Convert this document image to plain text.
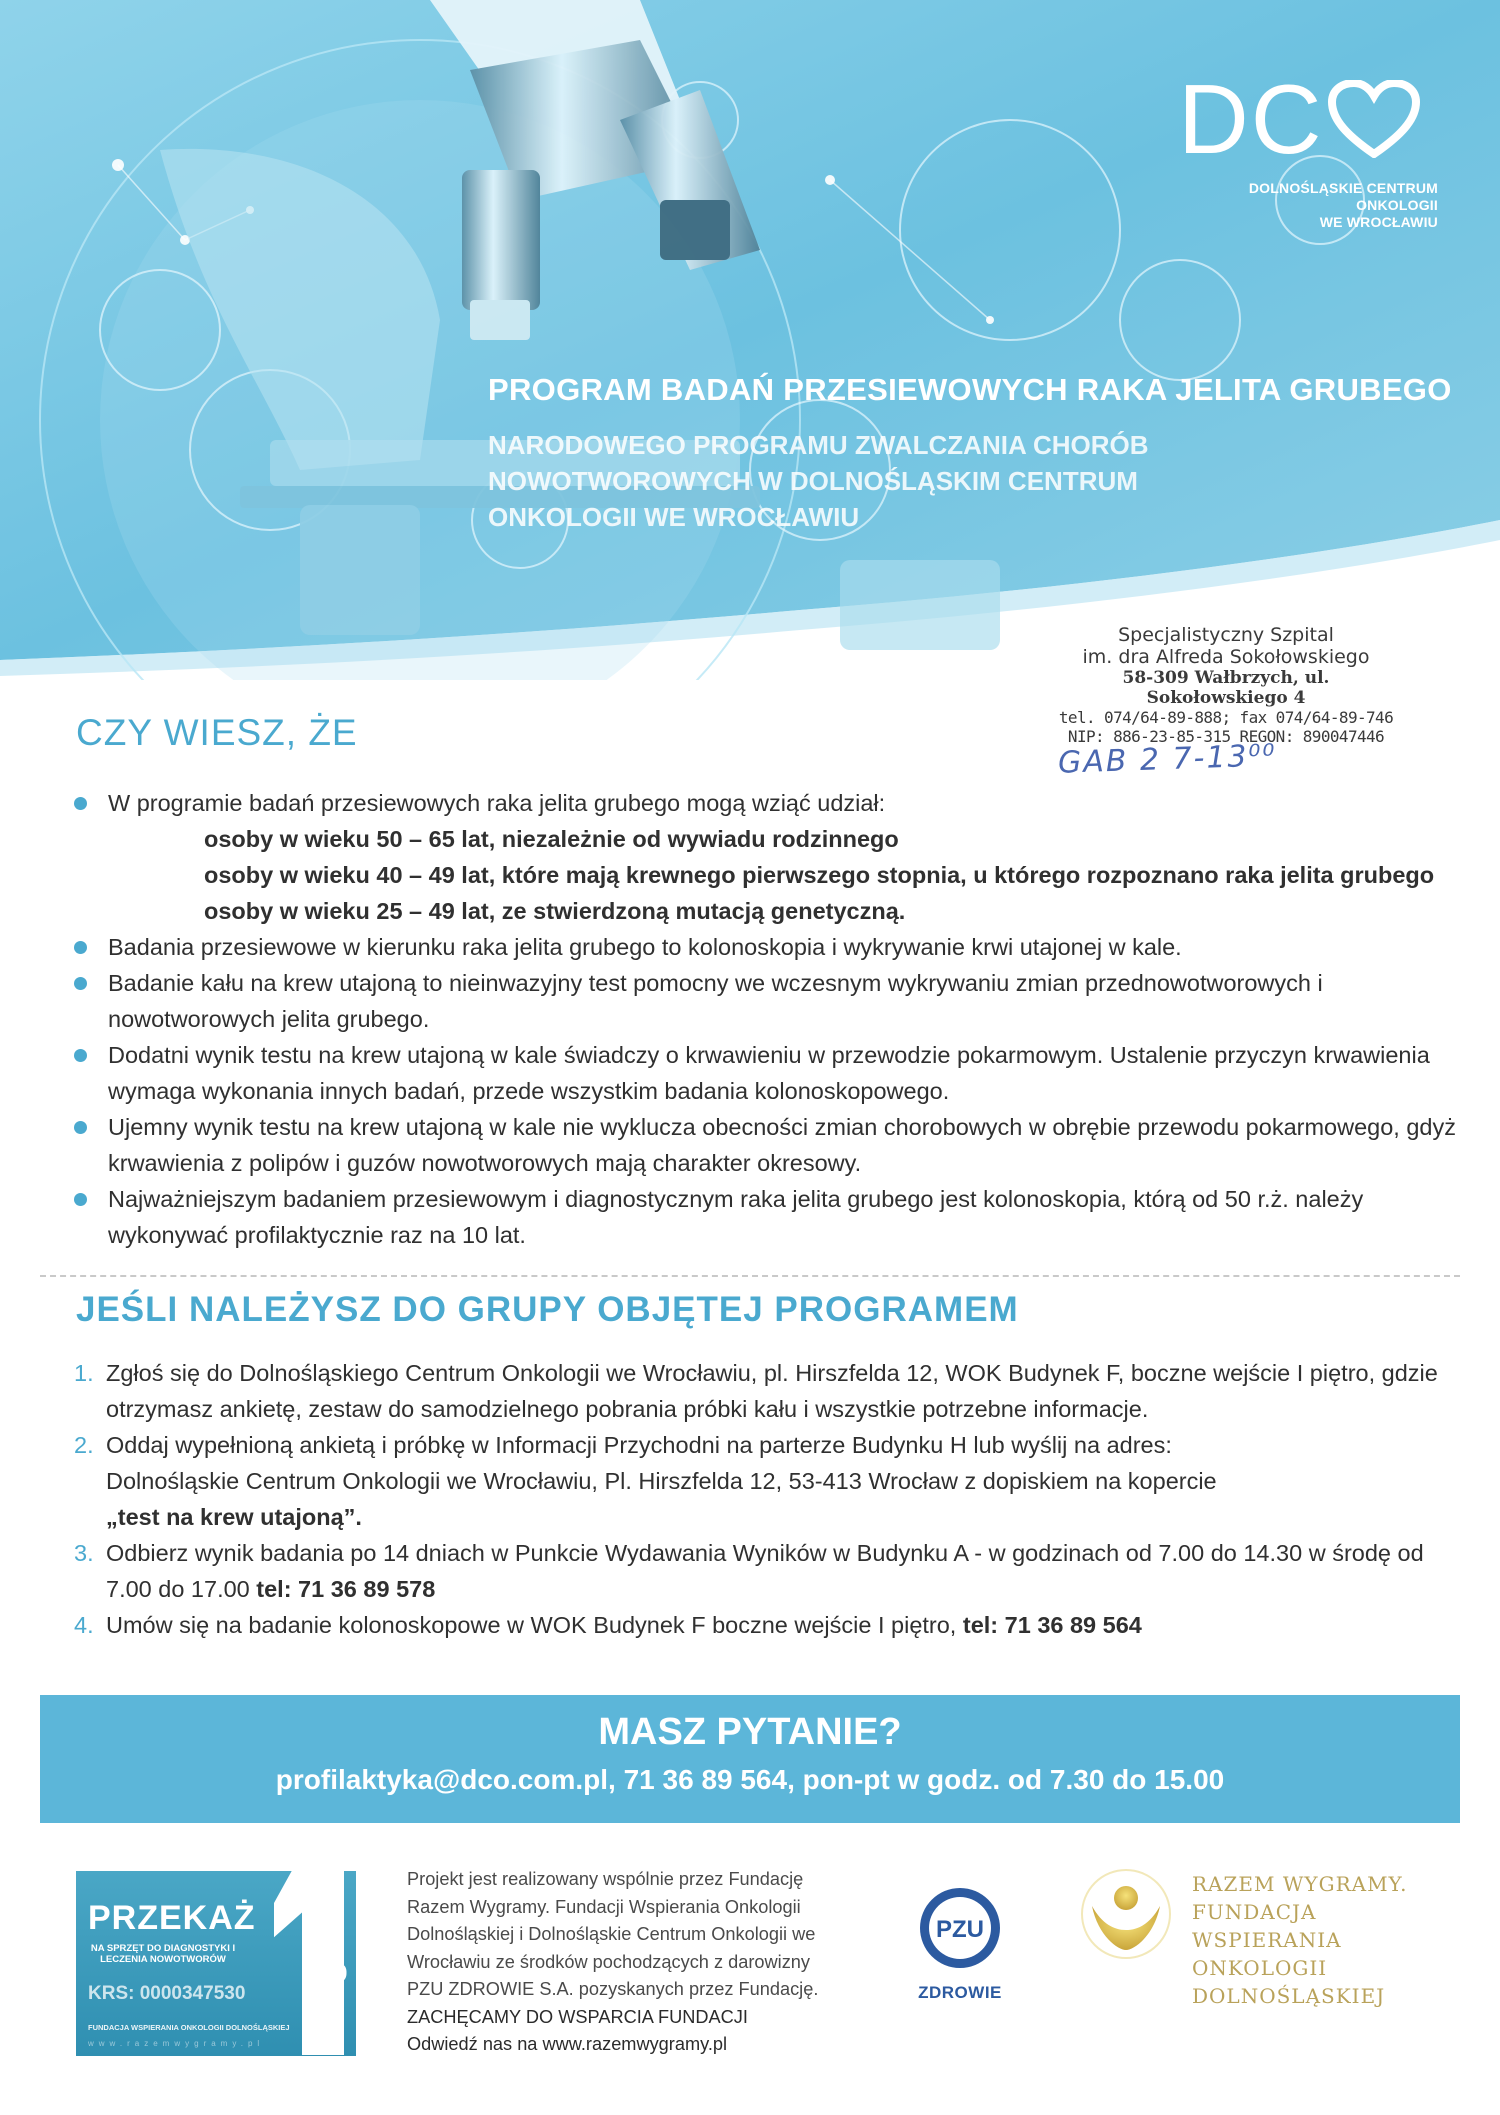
DC
DOLNOŚLĄSKIE CENTRUM ONKOLOGII
WE WROCŁAWIU
PROGRAM BADAŃ PRZESIEWOWYCH RAKA JELITA GRUBEGO
NARODOWEGO PROGRAMU ZWALCZANIA CHORÓB NOWOTWOROWYCH W DOLNOŚLĄSKIM CENTRUM ONKOLOGII WE WROCŁAWIU
Specjalistyczny Szpital
im. dra Alfreda Sokołowskiego
58-309 Wałbrzych, ul. Sokołowskiego 4
tel. 074/64-89-888; fax 074/64-89-746
NIP: 886-23-85-315 REGON: 890047446
GAB 2 7-13⁰⁰
CZY WIESZ, ŻE
W programie badań przesiewowych raka jelita grubego mogą wziąć udział:
osoby w wieku 50 – 65 lat, niezależnie od wywiadu rodzinnego
osoby w wieku 40 – 49 lat, które mają krewnego pierwszego stopnia, u którego rozpoznano raka jelita grubego
osoby w wieku 25 – 49 lat, ze stwierdzoną mutacją genetyczną.
Badania przesiewowe w kierunku raka jelita grubego to kolonoskopia i wykrywanie krwi utajonej w kale.
Badanie kału na krew utajoną to nieinwazyjny test pomocny we wczesnym wykrywaniu zmian przednowotworowych i nowotworowych jelita grubego.
Dodatni wynik testu na krew utajoną w kale świadczy o krwawieniu w przewodzie pokarmowym. Ustalenie przyczyn krwawienia wymaga wykonania innych badań, przede wszystkim badania kolonoskopowego.
Ujemny wynik testu na krew utajoną w kale nie wyklucza obecności zmian chorobowych w obrębie przewodu pokarmowego, gdyż krwawienia z polipów i guzów nowotworowych mają charakter okresowy.
Najważniejszym badaniem przesiewowym i diagnostycznym raka jelita grubego jest kolonoskopia, którą od 50 r.ż. należy wykonywać profilaktycznie raz na 10 lat.
JEŚLI NALEŻYSZ DO GRUPY OBJĘTEJ PROGRAMEM
1. Zgłoś się do Dolnośląskiego Centrum Onkologii we Wrocławiu, pl. Hirszfelda 12, WOK Budynek F, boczne wejście I piętro, gdzie otrzymasz ankietę, zestaw do samodzielnego pobrania próbki kału i wszystkie potrzebne informacje.
2. Oddaj wypełnioną ankietą i próbkę w Informacji Przychodni na parterze Budynku H lub wyślij na adres:
Dolnośląskie Centrum Onkologii we Wrocławiu, Pl. Hirszfelda 12, 53-413 Wrocław z dopiskiem na kopercie
„test na krew utajoną”.
3. Odbierz wynik badania po 14 dniach w Punkcie Wydawania Wyników w Budynku A - w godzinach od 7.00 do 14.30 w środę od 7.00 do 17.00 tel: 71 36 89 578
4. Umów się na badanie kolonoskopowe w WOK Budynek F boczne wejście I piętro, tel: 71 36 89 564
MASZ PYTANIE?
profilaktyka@dco.com.pl, 71 36 89 564, pon-pt w godz. od 7.30 do 15.00
PRZEKAŻ
NA SPRZĘT DO DIAGNOSTYKI I LECZENIA NOWOTWORÓW
KRS: 0000347530
FUNDACJA WSPIERANIA ONKOLOGII DOLNOŚLĄSKIEJ
www.razemwygramy.pl
%
Projekt jest realizowany wspólnie przez Fundację Razem Wygramy. Fundacji Wspierania Onkologii Dolnośląskiej i Dolnośląskie Centrum Onkologii we Wrocławiu ze środków pochodzących z darowizny PZU ZDROWIE S.A. pozyskanych przez Fundację.
ZACHĘCAMY DO WSPARCIA FUNDACJI
Odwiedź nas na www.razemwygramy.pl
PZU
ZDROWIE
RAZEM WYGRAMY.
FUNDACJA WSPIERANIA
ONKOLOGII DOLNOŚLĄSKIEJ
